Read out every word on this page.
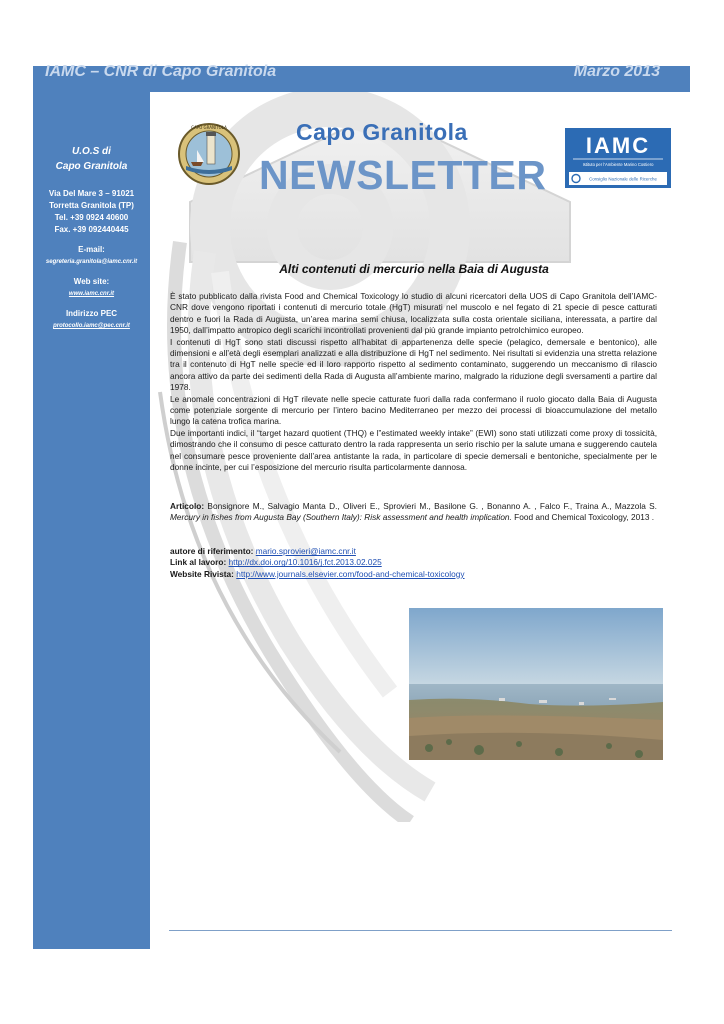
IAMC – CNR di Capo Granitola	Marzo 2013
CAPO GRANITOLA
IAMC
Istituto per l'Ambiente Marino Costiero
Consiglio Nazionale delle Ricerche
Capo Granitola
NEWSLETTER
U.O.S di
Capo Granitola
Via Del Mare 3 – 91021
Torretta Granitola (TP)
Tel. +39 0924 40600
Fax. +39 092440445
E-mail:
segreteria.granitola@iamc.cnr.it
Web site:
www.iamc.cnr.it
Indirizzo PEC
protocollo.iamc@pec.cnr.it
Alti contenuti di mercurio nella Baia di Augusta

È stato pubblicato dalla rivista Food and Chemical Toxicology lo studio di alcuni ricercatori della UOS di Capo Granitola dell’IAMC-CNR dove vengono riportati i contenuti di mercurio totale (HgT) misurati nel muscolo e nel fegato di 21 specie di pesce catturati dentro e fuori la Rada di Augusta, un’area marina semi chiusa, localizzata sulla costa orientale siciliana, interessata, a partire dal 1950, dall’impatto antropico degli scarichi incontrollati provenienti dal più grande impianto petrolchimico europeo.

I contenuti di HgT sono stati discussi rispetto all’habitat di appartenenza delle specie (pelagico, demersale e bentonico), alle dimensioni e all’età degli esemplari analizzati e alla distribuzione di HgT nel sedimento. Nei risultati si evidenzia una stretta relazione tra il contenuto di HgT nelle specie ed il loro rapporto rispetto al sedimento contaminato, suggerendo un meccanismo di rilascio ancora attivo da parte dei sedimenti della Rada di Augusta all’ambiente marino, malgrado la riduzione degli sversamenti a partire dal 1978.

Le anomale concentrazioni di HgT rilevate nelle specie catturate fuori dalla rada confermano il ruolo giocato dalla Baia di Augusta come potenziale sorgente di mercurio per l’intero bacino Mediterraneo per mezzo dei processi di bioaccumulazione del metallo lungo la catena trofica marina.

Due importanti indici, il “target hazard quotient (THQ) e l”estimated weekly intake” (EWI) sono stati utilizzati come proxy di tossicità, dimostrando che il consumo di pesce catturato dentro la rada rappresenta un serio rischio per la salute umana e suggerendo cautela nel consumare pesce proveniente dall’area antistante la rada, in particolare di specie demersali e bentoniche, specialmente per le donne incinte, per cui l’esposizione del mercurio risulta particolarmente dannosa.

Articolo: Bonsignore M., Salvagio Manta D., Oliveri E., Sprovieri M., Basilone G. , Bonanno A. , Falco F., Traina A., Mazzola S. Mercury in fishes from Augusta Bay (Southern Italy): Risk assessment and health implication. Food and Chemical Toxicology, 2013 .
autore di riferimento: mario.sprovieri@iamc.cnr.it
Link al lavoro: http://dx.doi.org/10.1016/j.fct.2013.02.025
Website Rivista: http://www.journals.elsevier.com/food-and-chemical-toxicology
